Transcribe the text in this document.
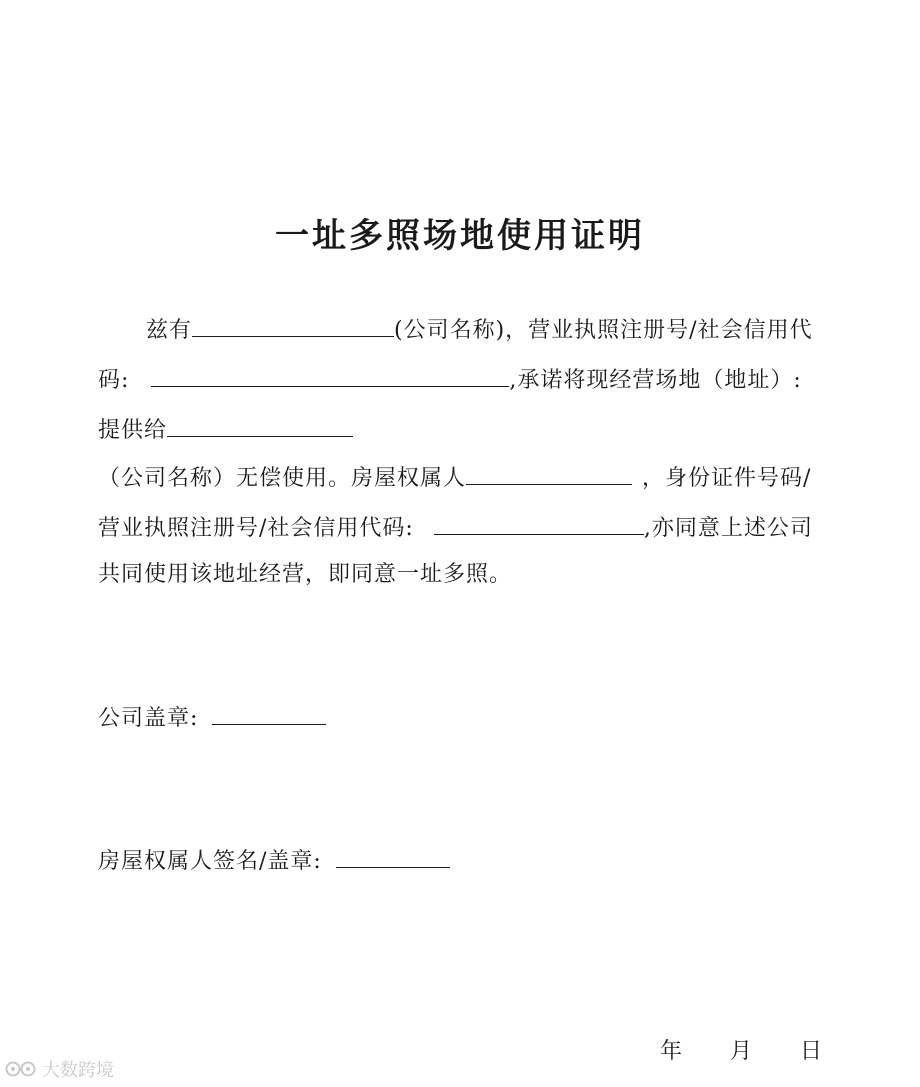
一址多照场地使用证明
兹有	(公司名称)，营业执照注册号/社会信用代
码:	,承诺将现经营场地（地址）:
提供给
（公司名称）无偿使用。房屋权属人	，身份证件号码/
营业执照注册号/社会信用代码:	,亦同意上述公司
共同使用该地址经营，即同意一址多照。
公司盖章:
房屋权属人签名/盖章:
年 月 日
大数跨境
